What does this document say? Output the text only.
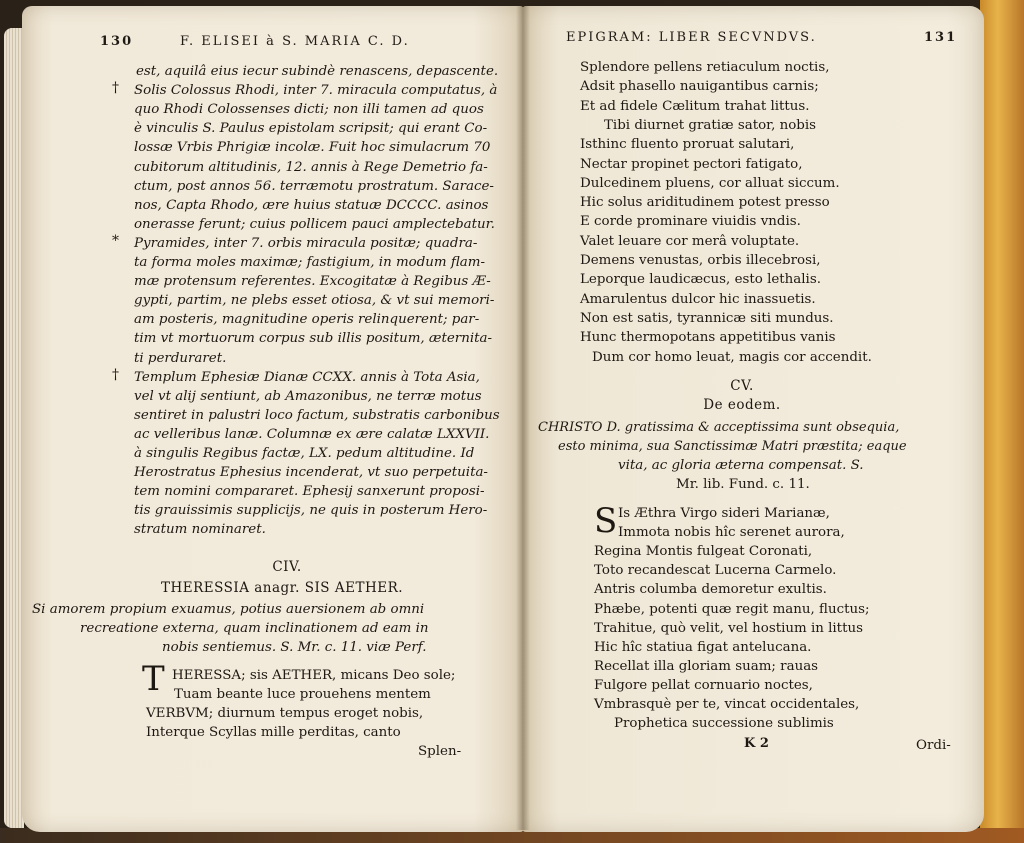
130	F. ELISEI à S. MARIA C. D.
est, aquilâ eius iecur subindè renascens, depascente.
† Solis Colossus Rhodi, inter 7. miracula computatus, à
quo Rhodi Colossenses dicti; non illi tamen ad quos
è vinculis S. Paulus epistolam scripsit; qui erant Co-
lossæ Vrbis Phrigiæ incolæ. Fuit hoc simulacrum 70
cubitorum altitudinis, 12. annis à Rege Demetrio fa-
ctum, post annos 56. terræmotu prostratum. Sarace-
nos, Capta Rhodo, ære huius statuæ DCCCC. asinos
onerasse ferunt; cuius pollicem pauci amplectebatur.
* Pyramides, inter 7. orbis miracula positæ; quadra-
ta forma moles maximæ; fastigium, in modum flam-
mæ protensum referentes. Excogitatæ à Regibus Æ-
gypti, partim, ne plebs esset otiosa, & vt sui memori-
am posteris, magnitudine operis relinquerent; par-
tim vt mortuorum corpus sub illis positum, æternita-
ti perduraret.
† Templum Ephesiæ Dianæ CCXX. annis à Tota Asia,
vel vt alij sentiunt, ab Amazonibus, ne terræ motus
sentiret in palustri loco factum, substratis carbonibus
ac velleribus lanæ. Columnæ ex ære calatæ LXXVII.
à singulis Regibus factæ, LX. pedum altitudine. Id
Herostratus Ephesius incenderat, vt suo perpetuita-
tem nomini compararet. Ephesij sanxerunt proposi-
tis grauissimis supplicijs, ne quis in posterum Hero-
stratum nominaret.
CIV.
THERESSIA anagr. SIS AETHER.
Si amorem propium exuamus, potius auersionem ab omni
recreatione externa, quam inclinationem ad eam in
nobis sentiemus. S. Mr. c. 11. viæ Perf.
T HERESSA; sis AETHER, micans Deo sole;
Tuam beante luce prouehens mentem
VERBVM; diurnum tempus eroget nobis,
Interque Scyllas mille perditas, canto
Splen-
EPIGRAM: LIBER SECVNDVS.	131
Splendore pellens retiaculum noctis,
Adsit phasello nauigantibus carnis;
Et ad fidele Cælitum trahat littus.
Tibi diurnet gratiæ sator, nobis
Isthinc fluento proruat salutari,
Nectar propinet pectori fatigato,
Dulcedinem pluens, cor alluat siccum.
Hic solus ariditudinem potest presso
E corde prominare viuidis vndis.
Valet leuare cor merâ voluptate.
Demens venustas, orbis illecebrosi,
Leporque laudicæcus, esto lethalis.
Amarulentus dulcor hic inassuetis.
Non est satis, tyrannicæ siti mundus.
Hunc thermopotans appetitibus vanis
Dum cor homo leuat, magis cor accendit.
CV.
De eodem.
CHRISTO D. gratissima & acceptissima sunt obsequia,
esto minima, sua Sanctissimæ Matri præstita; eaque
vita, ac gloria æterna compensat. S.
Mr. lib. Fund. c. 11.
S Is Æthra Virgo sideri Marianæ,
Immota nobis hîc serenet aurora,
Regina Montis fulgeat Coronati,
Toto recandescat Lucerna Carmelo.
Antris columba demoretur exultis.
Phæbe, potenti quæ regit manu, fluctus;
Trahitue, quò velit, vel hostium in littus
Hic hîc statiua figat antelucana.
Recellat illa gloriam suam; rauas
Fulgore pellat cornuario noctes,
Vmbrasquè per te, vincat occidentales,
Prophetica successione sublimis
K 2	Ordi-
